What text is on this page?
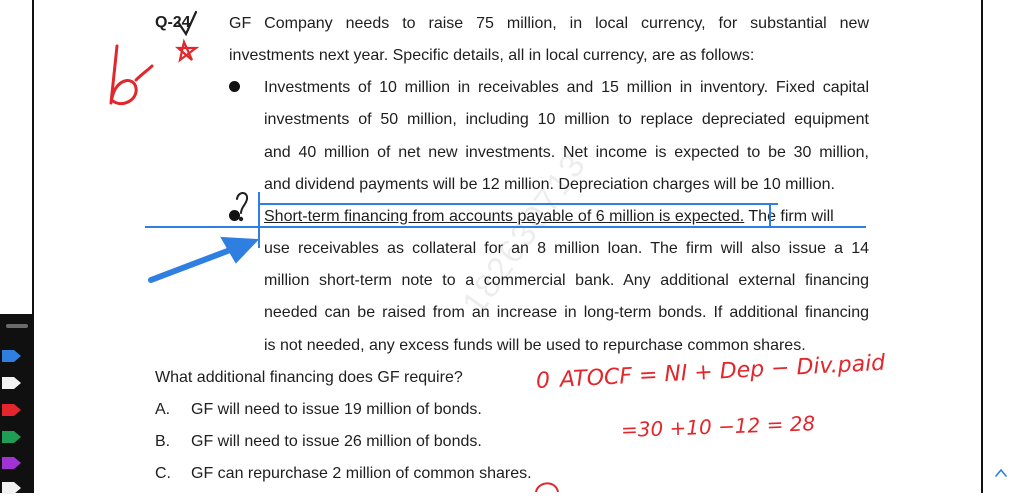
182630713
Q-24 GF Company needs to raise 75 million, in local currency, for substantial new
investments next year. Specific details, all in local currency, are as follows:
Investments of 10 million in receivables and 15 million in inventory. Fixed capital
investments of 50 million, including 10 million to replace depreciated equipment
and 40 million of net new investments. Net income is expected to be 30 million,
and dividend payments will be 12 million. Depreciation charges will be 10 million.
Short-term financing from accounts payable of 6 million is expected. The firm will
use receivables as collateral for an 8 million loan. The firm will also issue a 14
million short-term note to a commercial bank. Any additional external financing
needed can be raised from an increase in long-term bonds. If additional financing
is not needed, any excess funds will be used to repurchase common shares.
What additional financing does GF require?
A. GF will need to issue 19 million of bonds.
B. GF will need to issue 26 million of bonds.
C. GF can repurchase 2 million of common shares.
0 ATOCF = NI + Dep − Div.paid
=30 +10 −12 = 28
